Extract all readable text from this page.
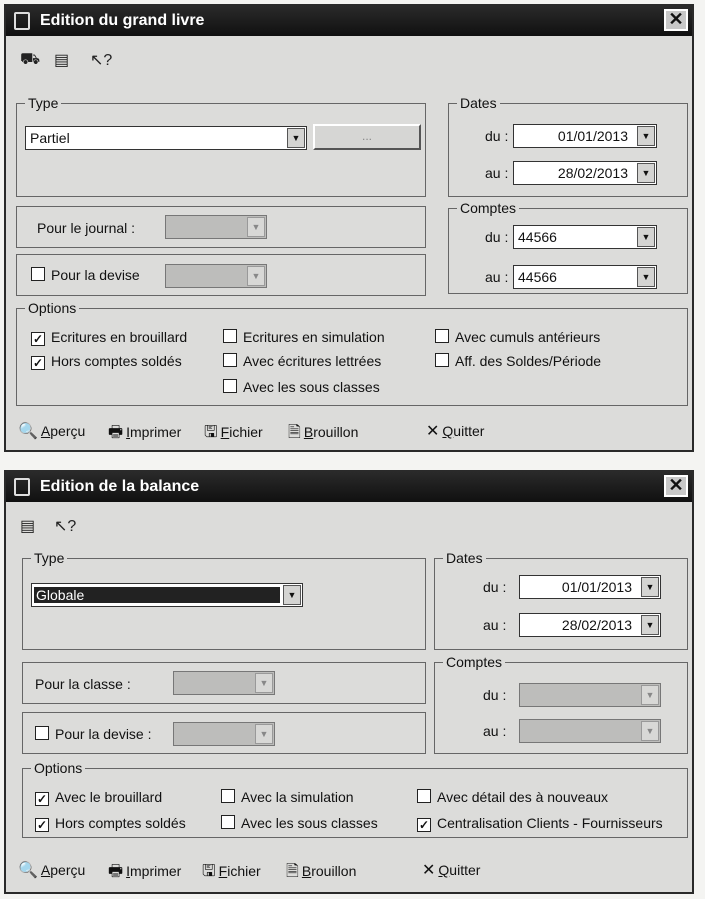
Edition du grand livre	✕
⛟ ▤ ↖?
Type
Partiel	▼	...
Dates
du :	01/01/2013	▼
au :	28/02/2013	▼
Pour le journal :	▼
Pour la devise	▼
Comptes
du : 44566	▼
au : 44566	▼
Options
✓ Ecritures en brouillard
✓ Hors comptes soldés
Ecritures en simulation
Avec écritures lettrées
Avec les sous classes
Avec cumuls antérieurs
Aff. des Soldes/Période
🔍 Aperçu 🖶 Imprimer 🖫 Fichier 🗎 Brouillon	✕ Quitter
Edition de la balance	✕
▤ ↖?
Type
Globale	▼
Dates
du :	01/01/2013	▼
au :	28/02/2013	▼
Pour la classe :	▼
Pour la devise :	▼
Comptes
du :	▼
au :	▼
Options
✓ Avec le brouillard
✓ Hors comptes soldés
Avec la simulation
Avec les sous classes
Avec détail des à nouveaux
✓ Centralisation Clients - Fournisseurs
🔍 Aperçu 🖶 Imprimer 🖫 Fichier 🗎 Brouillon	✕ Quitter
